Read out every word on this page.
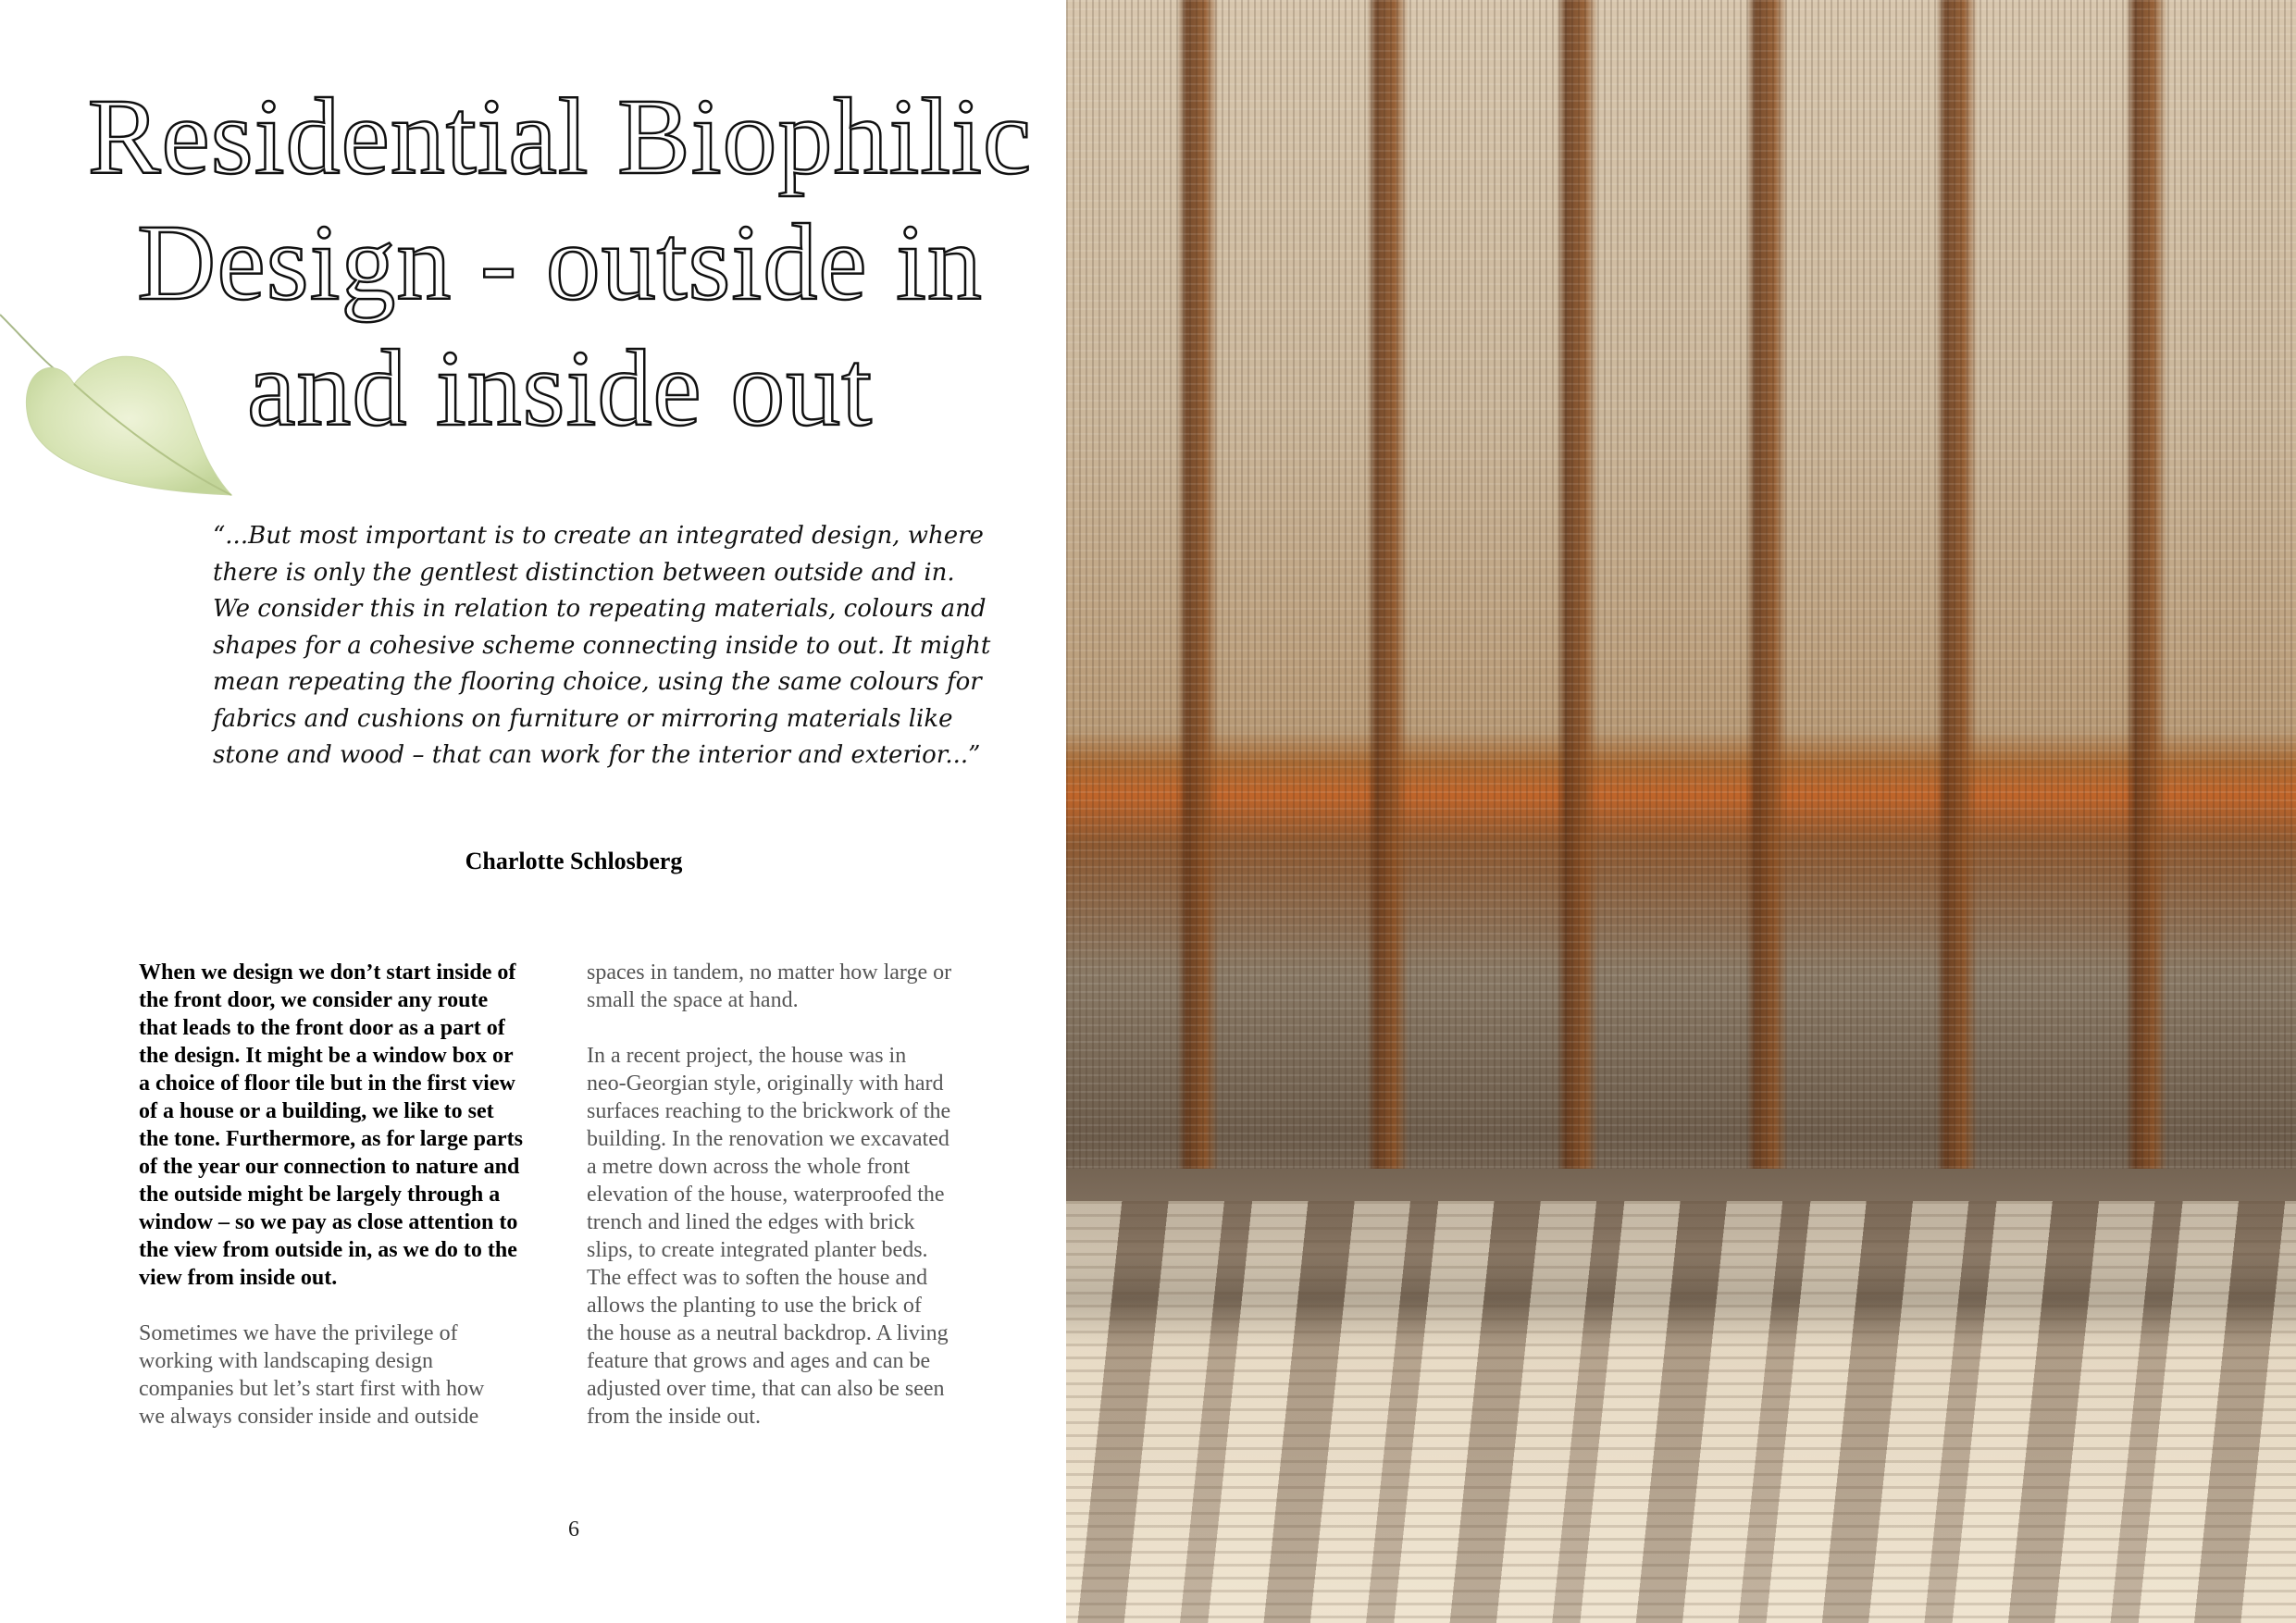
Residential Biophilic
Design - outside in
and inside out
“...But most important is to create an integrated design, where
there is only the gentlest distinction between outside and in.
We consider this in relation to repeating materials, colours and
shapes for a cohesive scheme connecting inside to out. It might
mean repeating the flooring choice, using the same colours for
fabrics and cushions on furniture or mirroring materials like
stone and wood – that can work for the interior and exterior...”
Charlotte Schlosberg

When we design we don’t start inside of
the front door, we consider any route
that leads to the front door as a part of
the design. It might be a window box or
a choice of floor tile but in the first view
of a house or a building, we like to set
the tone. Furthermore, as for large parts
of the year our connection to nature and
the outside might be largely through a
window – so we pay as close attention to
the view from outside in, as we do to the
view from inside out.

Sometimes we have the privilege of
working with landscaping design
companies but let’s start first with how
we always consider inside and outside

spaces in tandem, no matter how large or
small the space at hand.

In a recent project, the house was in
neo-Georgian style, originally with hard
surfaces reaching to the brickwork of the
building. In the renovation we excavated
a metre down across the whole front
elevation of the house, waterproofed the
trench and lined the edges with brick
slips, to create integrated planter beds.
The effect was to soften the house and
allows the planting to use the brick of
the house as a neutral backdrop. A living
feature that grows and ages and can be
adjusted over time, that can also be seen
from the inside out.

6
